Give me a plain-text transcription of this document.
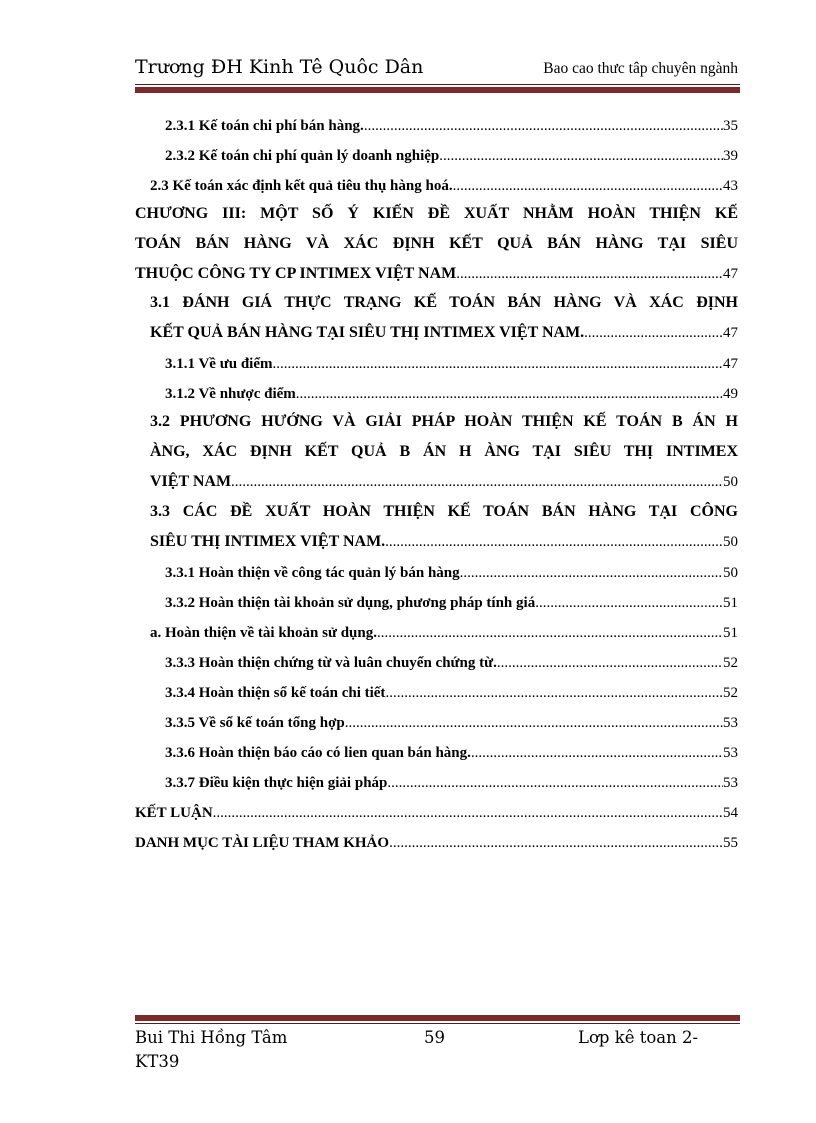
Trương ĐH Kinh Tê Quôc Dân	Bao cao thưc tâp chuyên ngành
2.3.1 Kế toán chi phí bán hàng. .....	35
2.3.2 Kế toán chi phí quản lý doanh nghiệp .....	39
2.3 Kế toán xác định kết quả tiêu thụ hàng hoá. .....	43
CHƯƠNG III: MỘT SỐ Ý KIẾN ĐỀ XUẤT NHẰM HOÀN THIỆN KẾ
TOÁN BÁN HÀNG VÀ XÁC ĐỊNH KẾT QUẢ BÁN HÀNG TẠI SIÊU
THUỘC CÔNG TY CP INTIMEX VIỆT NAM .....	47
3.1 ĐÁNH GIÁ THỰC TRẠNG KẾ TOÁN BÁN HÀNG VÀ XÁC ĐỊNH
KẾT QUẢ BÁN HÀNG TẠI SIÊU THỊ INTIMEX VIỆT NAM. .....	47
3.1.1 Về ưu điểm .....	47
3.1.2 Về nhược điểm .....	49
3.2 PHƯƠNG HƯỚNG VÀ GIẢI PHÁP HOÀN THIỆN KẾ TOÁN B ÁN H
ÀNG, XÁC ĐỊNH KẾT QUẢ B ÁN H ÀNG TẠI SIÊU THỊ INTIMEX
VIỆT NAM .....	50
3.3 CÁC ĐỀ XUẤT HOÀN THIỆN KẾ TOÁN BÁN HÀNG TẠI CÔNG
SIÊU THỊ INTIMEX VIỆT NAM. .....	50
3.3.1 Hoàn thiện về công tác quản lý bán hàng .....	50
3.3.2 Hoàn thiện tài khoản sử dụng, phương pháp tính giá .....	51
a. Hoàn thiện về tài khoản sử dụng. .....	51
3.3.3 Hoàn thiện chứng từ và luân chuyển chứng từ. .....	52
3.3.4 Hoàn thiện sổ kế toán chi tiết .....	52
3.3.5 Về sổ kế toán tổng hợp .....	53
3.3.6 Hoàn thiện báo cáo có lien quan bán hàng. .....	53
3.3.7 Điều kiện thực hiện giải pháp .....	53
KẾT LUẬN .....	54
DANH MỤC TÀI LIỆU THAM KHẢO .....	55
Bui Thi Hồng Tâm	59	Lơp kê toan 2-
KT39
